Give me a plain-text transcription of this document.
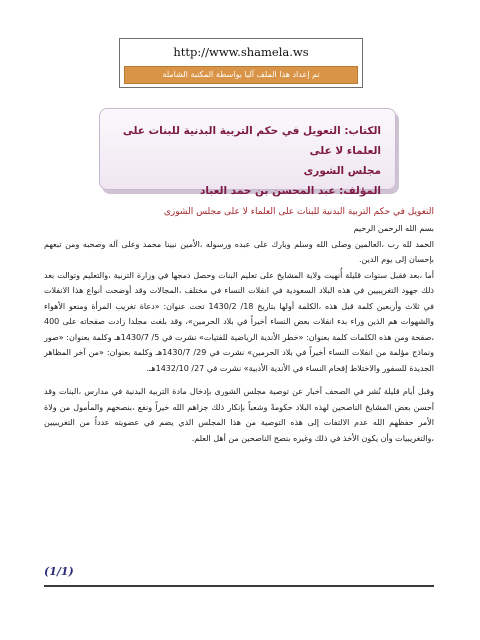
http://www.shamela.ws
تم إعداد هذا الملف آليا بواسطة المكتبة الشاملة
الكتاب: التعويل في حكم التربية البدنية للبنات على العلماء لا على
مجلس الشورى
المؤلف: عبد المحسن بن حمد العباد

التعويل في حكم التربية البدنية للبنات على العلماء لا على مجلس الشورى

بسم الله الرحمن الرحيم

الحمد لله رب ،العالمين وصلى الله وسلم وبارك على عبده ورسوله ،الأمين نبينا محمد وعلى آله وصحبه ومن تبعهم بإحسان إلى يوم الدين.

أما ،بعد فقبل سنوات قليلة أُنهيت ولاية المشايخ على تعليم البنات وحصل دمجها في وزارة التربية ،والتعليم وتوالت بعد ذلك جهود التغريبيين في هذه البلاد السعودية في انفلات النساء في مختلف ،المجالات وقد أوضحت أنواع هذا الانفلات في ثلاث وأربعين كلمة قبل هذه ،الكلمة أولها بتاريخ 18/ 1430/2 تحت عنوان: «دعاة تغريب المرأة ومنعو الأهواء والشهوات هم الذين وراء بدء انفلات بعض النساء أخيراً في بلاد الحرمين»، وقد بلغت مجلدا زادت صفحاته على 400 ،صفحة ومن هذه الكلمات كلمة بعنوان: «خطر الأندية الرياضية للفتيات» نشرت في 5/ 1430/7هـ وكلمة بعنوان: «صور ونماذج مؤلمة من انفلات النساء أخيراً في بلاد الحرمين» نشرت في 29/ 1430/7هـ وكلمة بعنوان: «من آخر المظاهر الجديدة للسفور والاختلاط إقحام النساء في الأندية الأدبية» نشرت في 27/ 1432/10هـ.

وقبل أيام قليلة نُشر في الصحف أخبار عن توصية مجلس الشورى بإدخال مادة التربية البدنية في مدارس ،البنات وقد أحسن بعض المشايخ الناصحين لهذه البلاد حكومةً وشعباً بإنكار ذلك جزاهم الله خيراً ونفع ،بنصحهم والمأمول من ولاة الأمر حفظهم الله عدم الالتفات إلى هذه التوصية من هذا المجلس الذي يضم في عضويته عدداً من التغريبيين ،والتغريبيات وأن يكون الأخذ في ذلك وغيره بنصح الناصحين من أهل العلم.

(1/1)
